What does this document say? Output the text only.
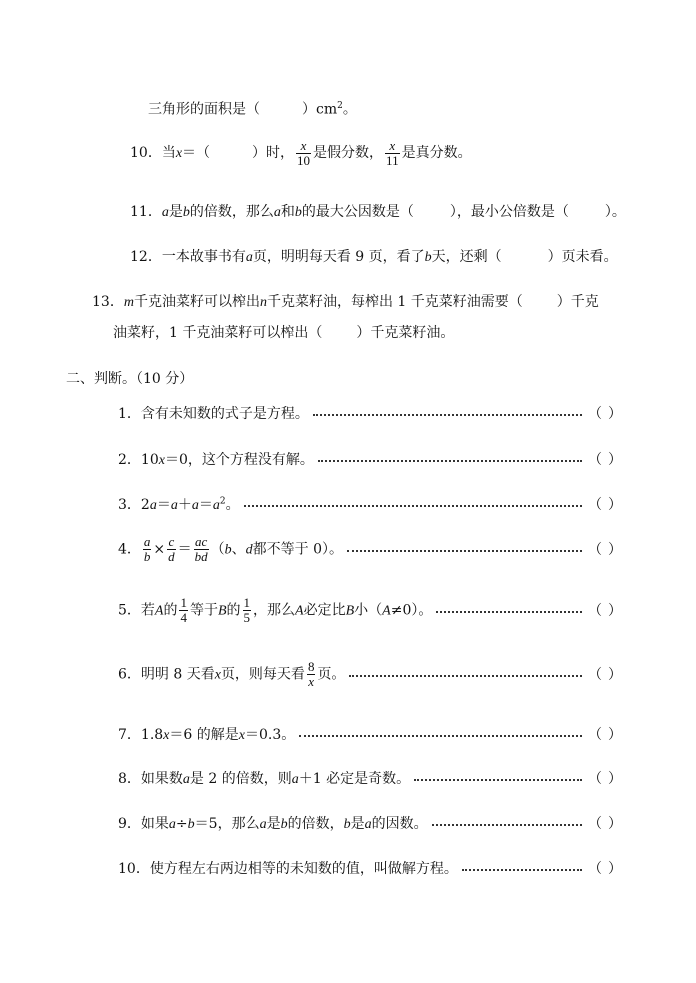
三角形的面积是（	）$cm^2$。
10．当x＝（	）时， $\frac{x}{10}$ 是假分数， $\frac{x}{11}$ 是真分数。
11．a是b的倍数，那么a和b的最大公因数是（	），最小公倍数是（	）。
12．一本故事书有a页，明明每天看 9 页，看了b天，还剩（	）页未看。
13．m千克油菜籽可以榨出n千克菜籽油，每榨出 1 千克菜籽油需要（ ）千克
油菜籽，1 千克油菜籽可以榨出（ ）千克菜籽油。
二、判断。（10 分）
1．含有未知数的式子是方程。	（ ）
2．10x＝0，这个方程没有解。	（ ）
3．$2a=a+a=a^2$。	（ ）
4． $\frac{a}{b} \times \frac{c}{d} = \frac{ac}{bd} (b$、d都不等于 0）。	（ ）
5．若A的 $\frac{1}{4}$ 等于B的 $\frac{1}{5}$ ，那么A必定比B小（A≠0）。	（ ）
6．明明 8 天看x页，则每天看 $\frac{8}{x}$ 页。	（ ）
7．1.8x＝6 的解是x＝0.3。	（ ）
8．如果数a是 2 的倍数，则a＋1 必定是奇数。	（ ）
9．如果a÷b＝5，那么a是b的倍数，b是a的因数。	（ ）
10．使方程左右两边相等的未知数的值，叫做解方程。	（ ）
